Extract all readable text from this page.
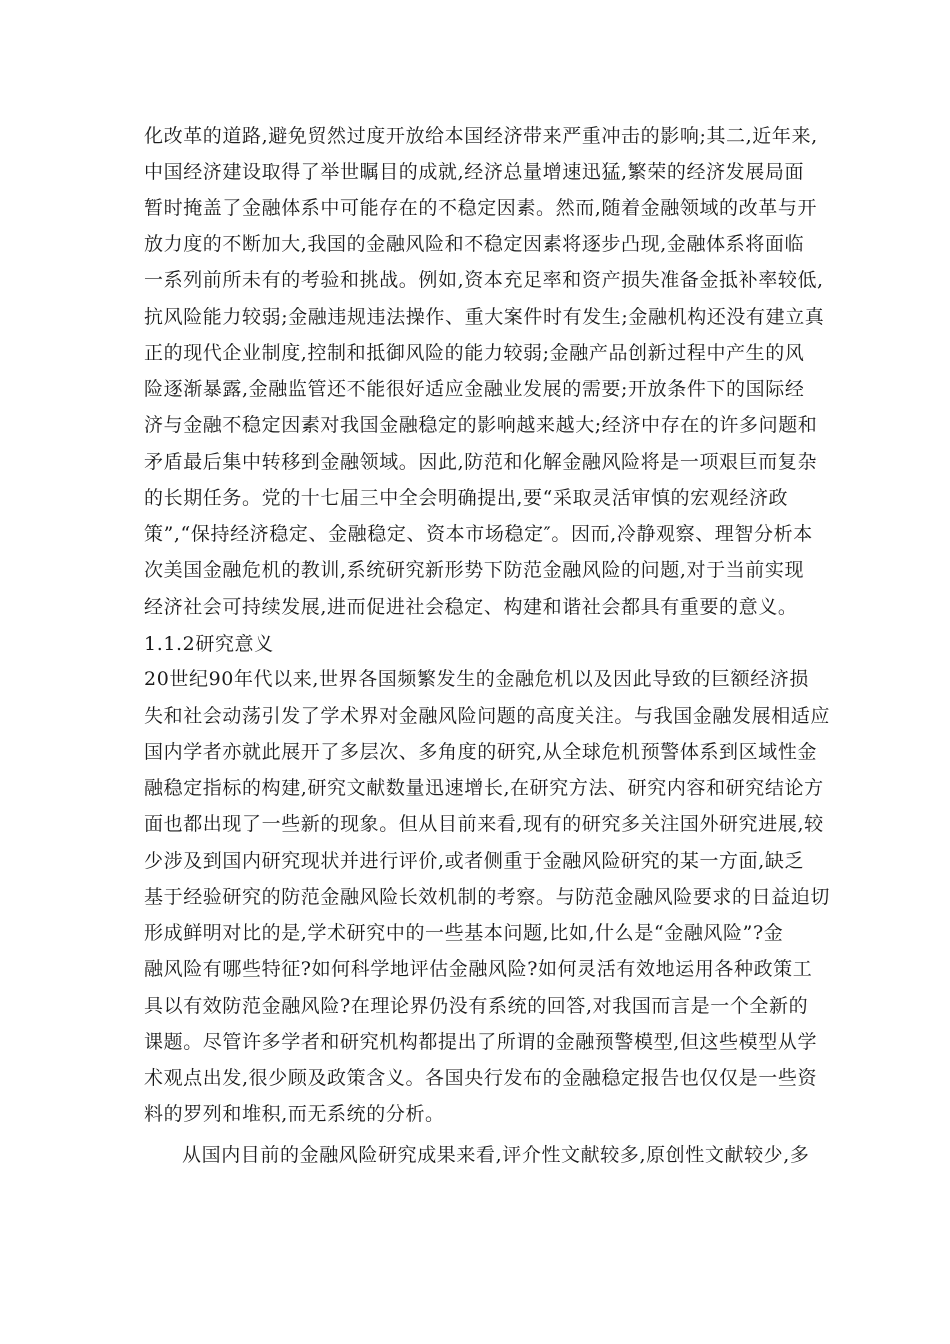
化改革的道路,避免贸然过度开放给本国经济带来严重冲击的影响;其二,近年来,
中国经济建设取得了举世瞩目的成就,经济总量增速迅猛,繁荣的经济发展局面
暂时掩盖了金融体系中可能存在的不稳定因素。然而,随着金融领域的改革与开
放力度的不断加大,我国的金融风险和不稳定因素将逐步凸现,金融体系将面临
一系列前所未有的考验和挑战。例如,资本充足率和资产损失准备金抵补率较低,
抗风险能力较弱;金融违规违法操作、重大案件时有发生;金融机构还没有建立真
正的现代企业制度,控制和抵御风险的能力较弱;金融产品创新过程中产生的风
险逐渐暴露,金融监管还不能很好适应金融业发展的需要;开放条件下的国际经
济与金融不稳定因素对我国金融稳定的影响越来越大;经济中存在的许多问题和
矛盾最后集中转移到金融领域。因此,防范和化解金融风险将是一项艰巨而复杂
的长期任务。党的十七届三中全会明确提出,要“采取灵活审慎的宏观经济政
策”,“保持经济稳定、金融稳定、资本市场稳定″。因而,冷静观察、理智分析本
次美国金融危机的教训,系统研究新形势下防范金融风险的问题,对于当前实现
经济社会可持续发展,进而促进社会稳定、构建和谐社会都具有重要的意义。
1.1.2研究意义
20世纪90年代以来,世界各国频繁发生的金融危机以及因此导致的巨额经济损
失和社会动荡引发了学术界对金融风险问题的高度关注。与我国金融发展相适应
国内学者亦就此展开了多层次、多角度的研究,从全球危机预警体系到区域性金
融稳定指标的构建,研究文献数量迅速增长,在研究方法、研究内容和研究结论方
面也都出现了一些新的现象。但从目前来看,现有的研究多关注国外研究进展,较
少涉及到国内研究现状并进行评价,或者侧重于金融风险研究的某一方面,缺乏
基于经验研究的防范金融风险长效机制的考察。与防范金融风险要求的日益迫切
形成鲜明对比的是,学术研究中的一些基本问题,比如,什么是“金融风险”?金
融风险有哪些特征?如何科学地评估金融风险?如何灵活有效地运用各种政策工
具以有效防范金融风险?在理论界仍没有系统的回答,对我国而言是一个全新的
课题。尽管许多学者和研究机构都提出了所谓的金融预警模型,但这些模型从学
术观点出发,很少顾及政策含义。各国央行发布的金融稳定报告也仅仅是一些资
料的罗列和堆积,而无系统的分析。
从国内目前的金融风险研究成果来看,评介性文献较多,原创性文献较少,多
